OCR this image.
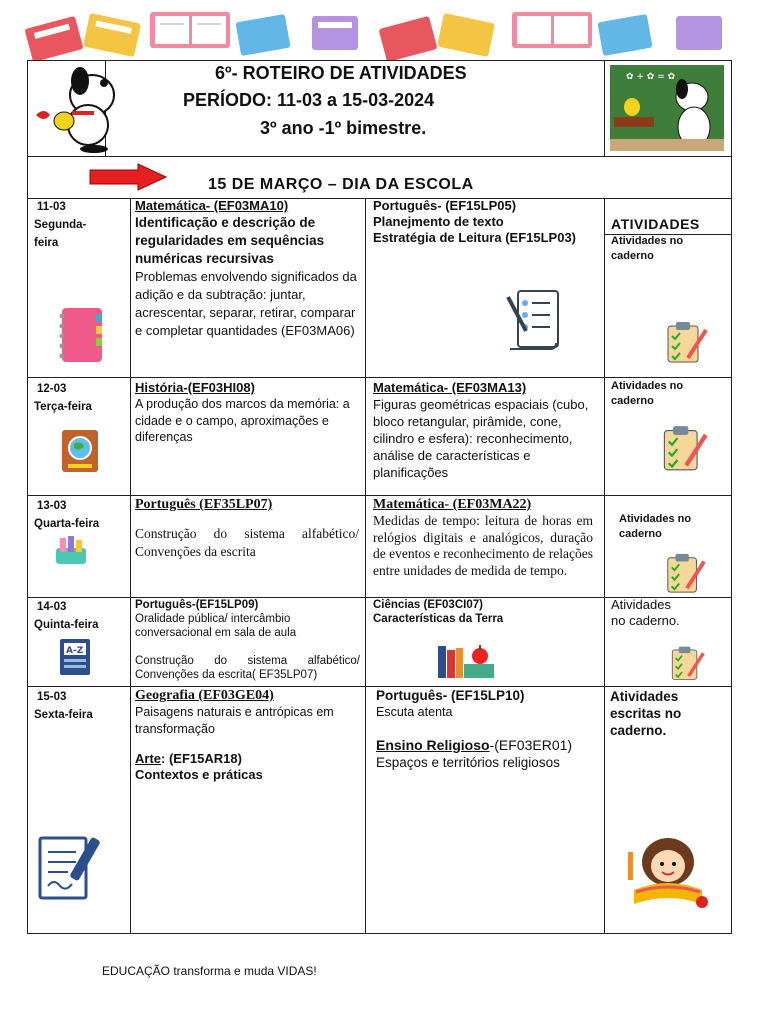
✿ + ✿ = ✿
6º- ROTEIRO DE ATIVIDADES
PERÍODO: 11-03 a 15-03-2024
3º ano -1º bimestre.
15 DE MARÇO – DIA DA ESCOLA
ATIVIDADES
11-03
Segunda-feira
Matemática- (EF03MA10)
Identificação e descrição de regularidades em sequências numéricas recursivas
Problemas envolvendo significados da adição e da subtração: juntar, acrescentar, separar, retirar, comparar e completar quantidades (EF03MA06)
Português- (EF15LP05)
Planejmento de texto
Estratégia de Leitura (EF15LP03)	Atividades no caderno
12-03
Terça-feira
História-(EF03HI08)
A produção dos marcos da memória: a cidade e o campo, aproximações e diferenças
Matemática- (EF03MA13)
Figuras geométricas espaciais (cubo, bloco retangular, pirâmide, cone, cilindro e esfera): reconhecimento, análise de características e planificações
Atividades no caderno
13-03
Quarta-feira
Português (EF35LP07)
Construção do sistema alfabético/ Convenções da escrita
Matemática- (EF03MA22)
Medidas de tempo: leitura de horas em relógios digitais e analógicos, duração de eventos e reconhecimento de relações entre unidades de medida de tempo.
Atividades no caderno
14-03
Quinta-feira
A-Z
Português-(EF15LP09)
Oralidade pública/ intercâmbio conversacional em sala de aula
Construção do sistema alfabético/ Convenções da escrita( EF35LP07)
Ciências (EF03CI07)
Características da Terra
Atividades
no caderno.
15-03
Sexta-feira
Geografia (EF03GE04)
Paisagens naturais e antrópicas em transformação
Arte: (EF15AR18)
Contextos e práticas
Português- (EF15LP10)
Escuta atenta
Ensino Religioso-(EF03ER01)
Espaços e territórios religiosos
Atividades escritas no caderno.
EDUCAÇÃO transforma e muda VIDAS!
